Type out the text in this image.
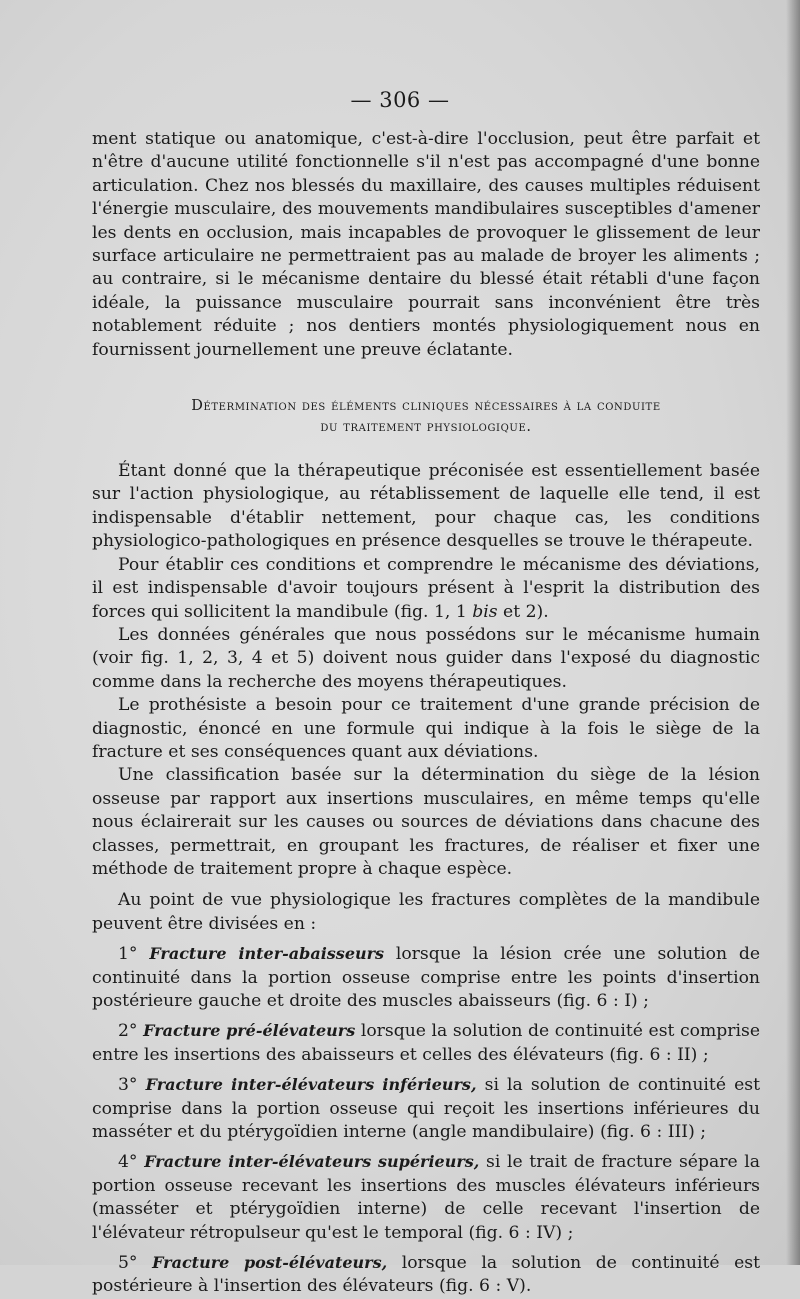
— 306 —

ment statique ou anatomique, c'est-à-dire l'occlusion, peut être parfait et n'être d'aucune utilité fonctionnelle s'il n'est pas accompagné d'une bonne articulation. Chez nos blessés du maxillaire, des causes multiples réduisent l'énergie musculaire, des mouvements mandibulaires susceptibles d'amener les dents en occlusion, mais incapables de provoquer le glissement de leur surface articulaire ne permettraient pas au malade de broyer les aliments ; au contraire, si le mécanisme dentaire du blessé était rétabli d'une façon idéale, la puissance musculaire pourrait sans inconvénient être très notablement réduite ; nos dentiers montés physiologiquement nous en fournissent journellement une preuve éclatante.

Détermination des éléments cliniques nécessaires à la conduite
du traitement physiologique.

Étant donné que la thérapeutique préconisée est essentiellement basée sur l'action physiologique, au rétablissement de laquelle elle tend, il est indispensable d'établir nettement, pour chaque cas, les conditions physiologico-pathologiques en présence desquelles se trouve le thérapeute.

Pour établir ces conditions et comprendre le mécanisme des déviations, il est indispensable d'avoir toujours présent à l'esprit la distribution des forces qui sollicitent la mandibule (fig. 1, 1 bis et 2).

Les données générales que nous possédons sur le mécanisme humain (voir fig. 1, 2, 3, 4 et 5) doivent nous guider dans l'exposé du diagnostic comme dans la recherche des moyens thérapeutiques.

Le prothésiste a besoin pour ce traitement d'une grande précision de diagnostic, énoncé en une formule qui indique à la fois le siège de la fracture et ses conséquences quant aux déviations.

Une classification basée sur la détermination du siège de la lésion osseuse par rapport aux insertions musculaires, en même temps qu'elle nous éclairerait sur les causes ou sources de déviations dans chacune des classes, permettrait, en groupant les fractures, de réaliser et fixer une méthode de traitement propre à chaque espèce.

Au point de vue physiologique les fractures complètes de la mandibule peuvent être divisées en :

1° Fracture inter-abaisseurs lorsque la lésion crée une solution de continuité dans la portion osseuse comprise entre les points d'insertion postérieure gauche et droite des muscles abaisseurs (fig. 6 : I) ;

2° Fracture pré-élévateurs lorsque la solution de continuité est comprise entre les insertions des abaisseurs et celles des élévateurs (fig. 6 : II) ;

3° Fracture inter-élévateurs inférieurs, si la solution de continuité est comprise dans la portion osseuse qui reçoit les insertions inférieures du masséter et du ptérygoïdien interne (angle mandibulaire) (fig. 6 : III) ;

4° Fracture inter-élévateurs supérieurs, si le trait de fracture sépare la portion osseuse recevant les insertions des muscles élévateurs inférieurs (masséter et ptérygoïdien interne) de celle recevant l'insertion de l'élévateur rétropulseur qu'est le temporal (fig. 6 : IV) ;

5° Fracture post-élévateurs, lorsque la solution de continuité est postérieure à l'insertion des élévateurs (fig. 6 : V).
